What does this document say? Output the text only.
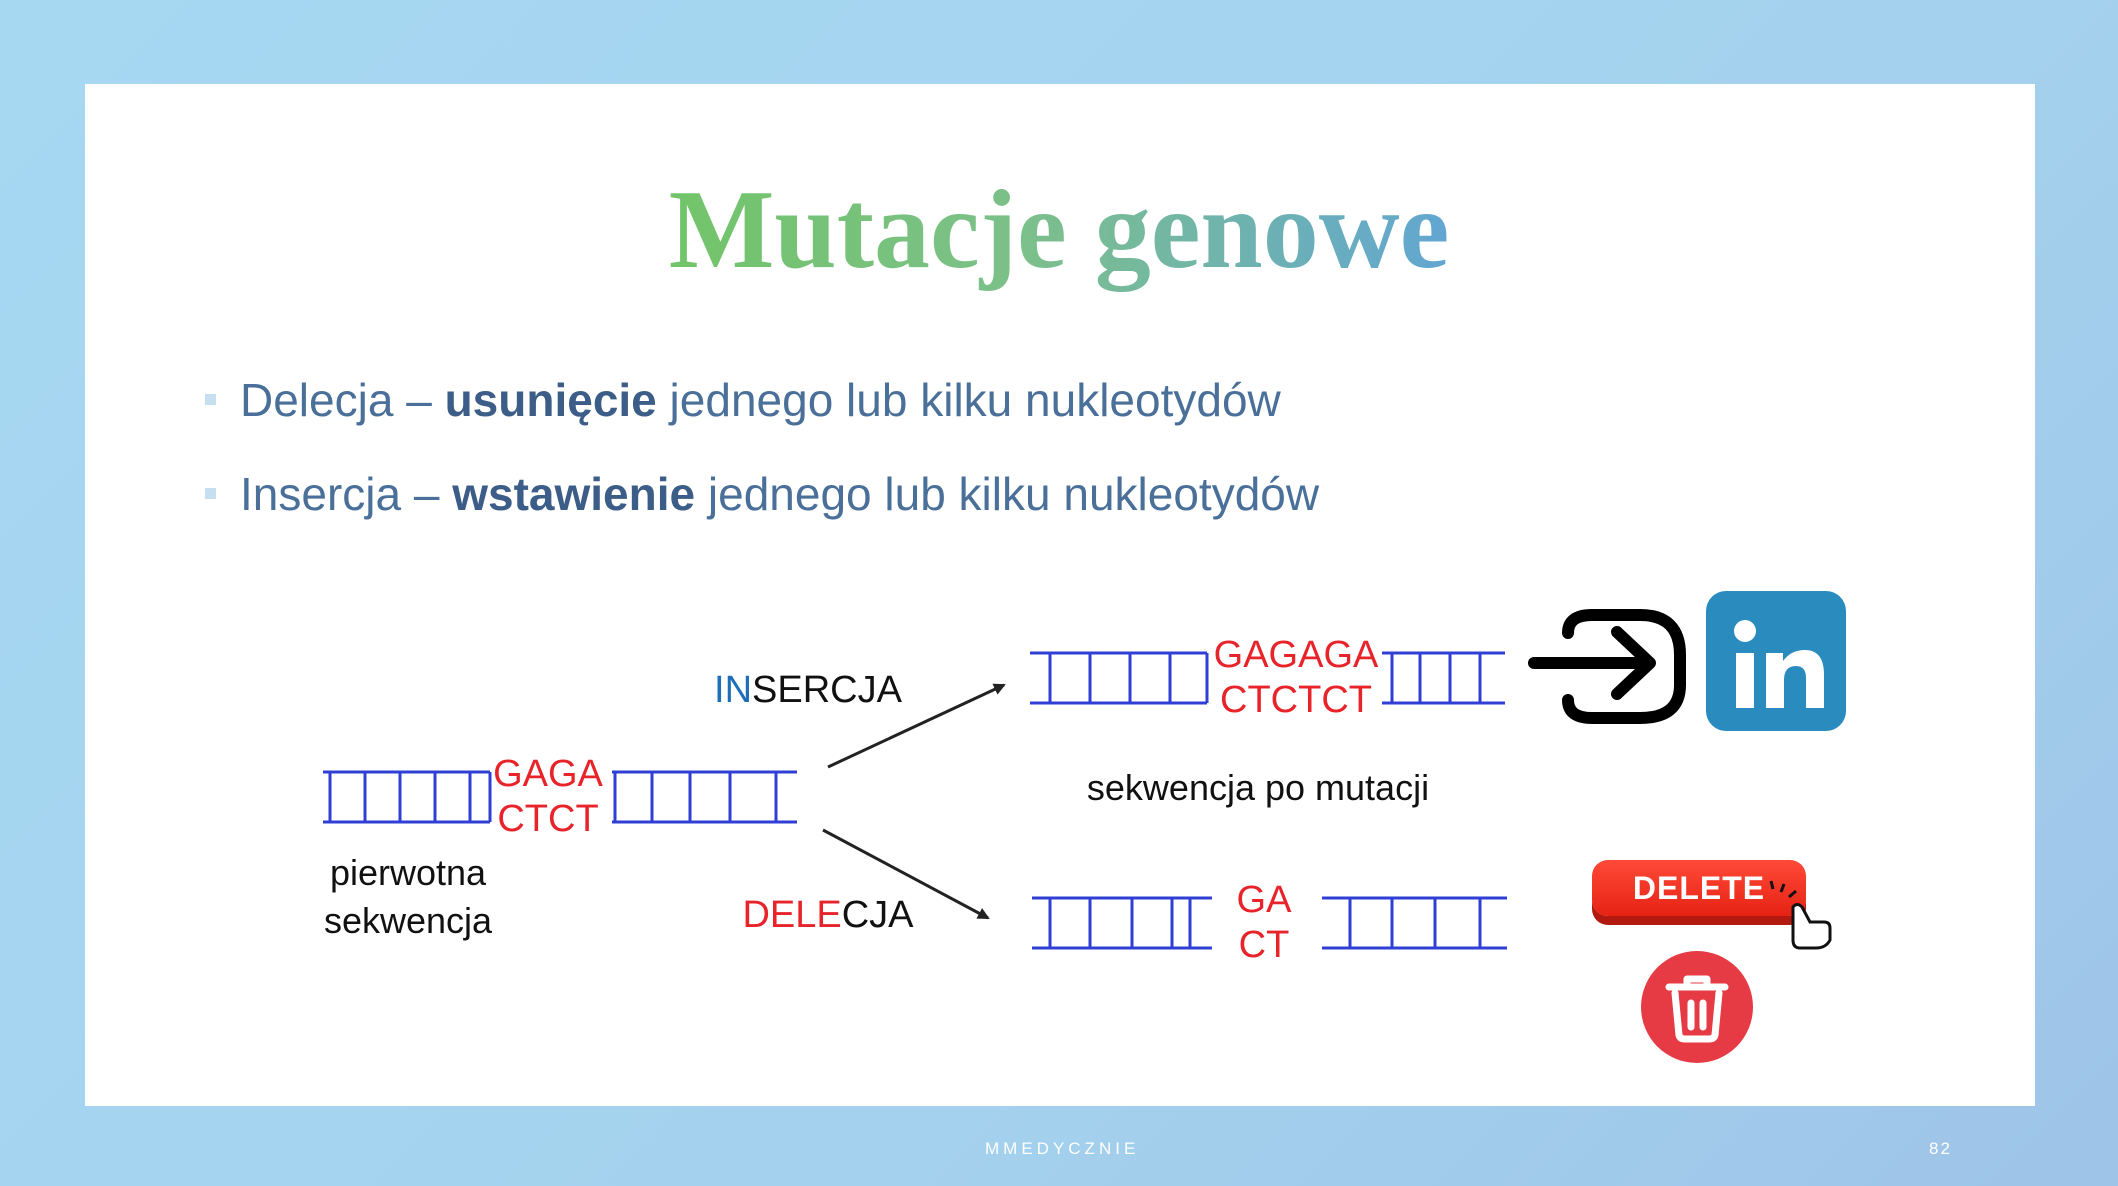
Mutacje genowe
Delecja – usunięcie jednego lub kilku nukleotydów
Insercja – wstawienie jednego lub kilku nukleotydów
GAGA
CTCT
pierwotna
sekwencja
INSERCJA
DELECJA
GAGAGA
CTCTCT
sekwencja po mutacji
GA
CT
DELETE
MMEDYCZNIE	82
